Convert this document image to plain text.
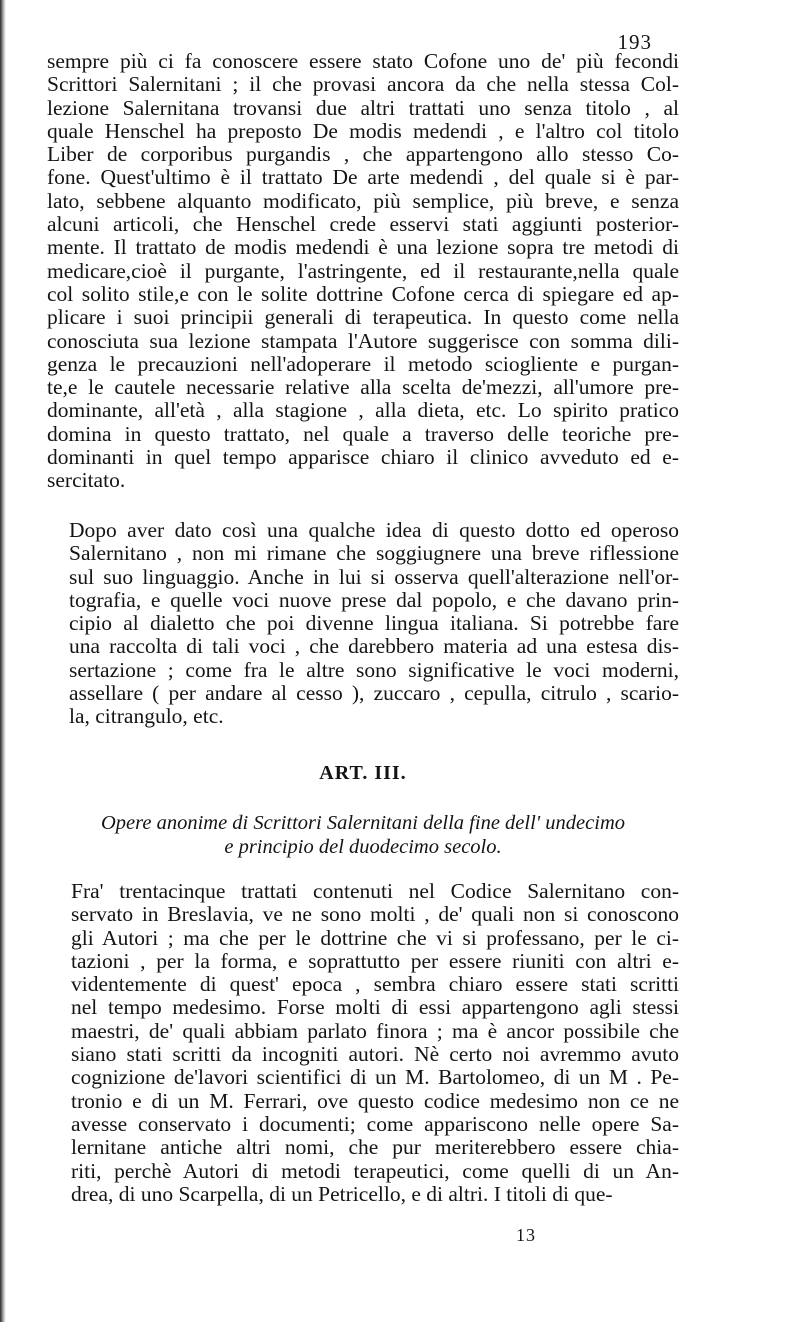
193
sempre più ci fa conoscere essere stato Cofone uno de' più fecondi
Scrittori Salernitani ; il che provasi ancora da che nella stessa Col-
lezione Salernitana trovansi due altri trattati uno senza titolo , al
quale Henschel ha preposto De modis medendi , e l'altro col titolo
Liber de corporibus purgandis , che appartengono allo stesso Co-
fone. Quest'ultimo è il trattato De arte medendi , del quale si è par-
lato, sebbene alquanto modificato, più semplice, più breve, e senza
alcuni articoli, che Henschel crede esservi stati aggiunti posterior-
mente. Il trattato de modis medendi è una lezione sopra tre metodi di
medicare,cioè il purgante, l'astringente, ed il restaurante,nella quale
col solito stile,e con le solite dottrine Cofone cerca di spiegare ed ap-
plicare i suoi principii generali di terapeutica. In questo come nella
conosciuta sua lezione stampata l'Autore suggerisce con somma dili-
genza le precauzioni nell'adoperare il metodo sciogliente e purgan-
te,e le cautele necessarie relative alla scelta de'mezzi, all'umore pre-
dominante, all'età , alla stagione , alla dieta, etc. Lo spirito pratico
domina in questo trattato, nel quale a traverso delle teoriche pre-
dominanti in quel tempo apparisce chiaro il clinico avveduto ed e-
sercitato.
Dopo aver dato così una qualche idea di questo dotto ed operoso
Salernitano , non mi rimane che soggiugnere una breve riflessione
sul suo linguaggio. Anche in lui si osserva quell'alterazione nell'or-
tografia, e quelle voci nuove prese dal popolo, e che davano prin-
cipio al dialetto che poi divenne lingua italiana. Si potrebbe fare
una raccolta di tali voci , che darebbero materia ad una estesa dis-
sertazione ; come fra le altre sono significative le voci moderni,
assellare ( per andare al cesso ), zuccaro , cepulla, citrulo , scario-
la, citrangulo, etc.
ART. III.
Opere anonime di Scrittori Salernitani della fine dell' undecimo
e principio del duodecimo secolo.
Fra' trentacinque trattati contenuti nel Codice Salernitano con-
servato in Breslavia, ve ne sono molti , de' quali non si conoscono
gli Autori ; ma che per le dottrine che vi si professano, per le ci-
tazioni , per la forma, e soprattutto per essere riuniti con altri e-
videntemente di quest' epoca , sembra chiaro essere stati scritti
nel tempo medesimo. Forse molti di essi appartengono agli stessi
maestri, de' quali abbiam parlato finora ; ma è ancor possibile che
siano stati scritti da incogniti autori. Nè certo noi avremmo avuto
cognizione de'lavori scientifici di un M. Bartolomeo, di un M . Pe-
tronio e di un M. Ferrari, ove questo codice medesimo non ce ne
avesse conservato i documenti; come appariscono nelle opere Sa-
lernitane antiche altri nomi, che pur meriterebbero essere chia-
riti, perchè Autori di metodi terapeutici, come quelli di un An-
drea, di uno Scarpella, di un Petricello, e di altri. I titoli di que-
13
